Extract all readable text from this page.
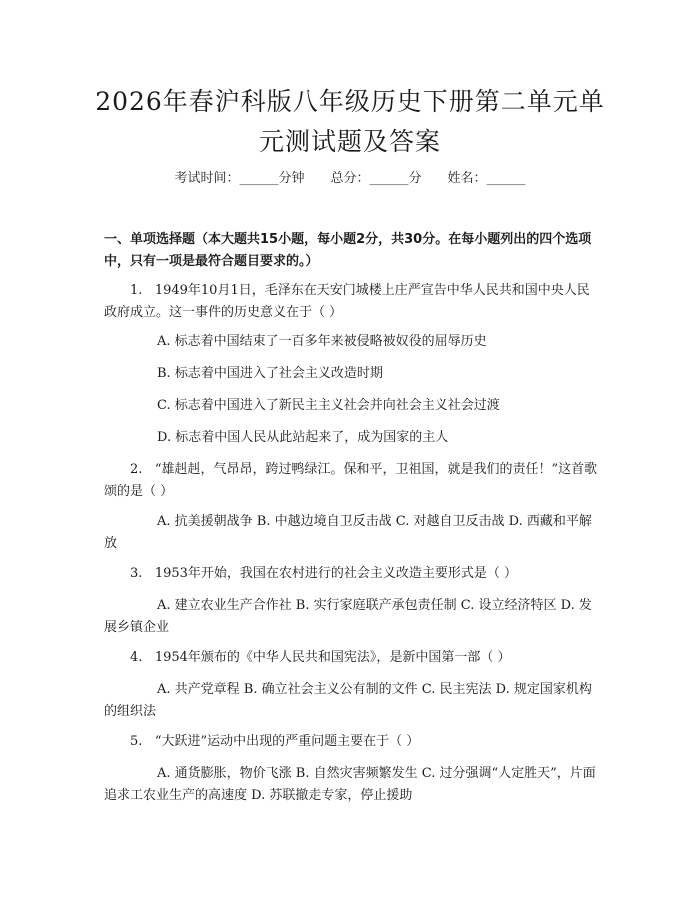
2026年春沪科版八年级历史下册第二单元单元测试题及答案
考试时间：______分钟 总分：______分 姓名：______
一、单项选择题（本大题共15小题，每小题2分，共30分。在每小题列出的四个选项中，只有一项是最符合题目要求的。）
1.   1949年10月1日，毛泽东在天安门城楼上庄严宣告中华人民共和国中央人民政府成立。这一事件的历史意义在于（ ）
A. 标志着中国结束了一百多年来被侵略被奴役的屈辱历史
B. 标志着中国进入了社会主义改造时期
C. 标志着中国进入了新民主主义社会并向社会主义社会过渡
D. 标志着中国人民从此站起来了，成为国家的主人
2.   “雄赳赳，气昂昂，跨过鸭绿江。保和平，卫祖国，就是我们的责任！”这首歌颂的是（ ）
A. 抗美援朝战争 B. 中越边境自卫反击战 C. 对越自卫反击战 D. 西藏和平解放
3.   1953年开始，我国在农村进行的社会主义改造主要形式是（ ）
A. 建立农业生产合作社 B. 实行家庭联产承包责任制 C. 设立经济特区 D. 发展乡镇企业
4.   1954年颁布的《中华人民共和国宪法》，是新中国第一部（ ）
A. 共产党章程 B. 确立社会主义公有制的文件 C. 民主宪法 D. 规定国家机构的组织法
5.   “大跃进”运动中出现的严重问题主要在于（ ）
A. 通货膨胀，物价飞涨 B. 自然灾害频繁发生 C. 过分强调“人定胜天”，片面追求工农业生产的高速度 D. 苏联撤走专家，停止援助
